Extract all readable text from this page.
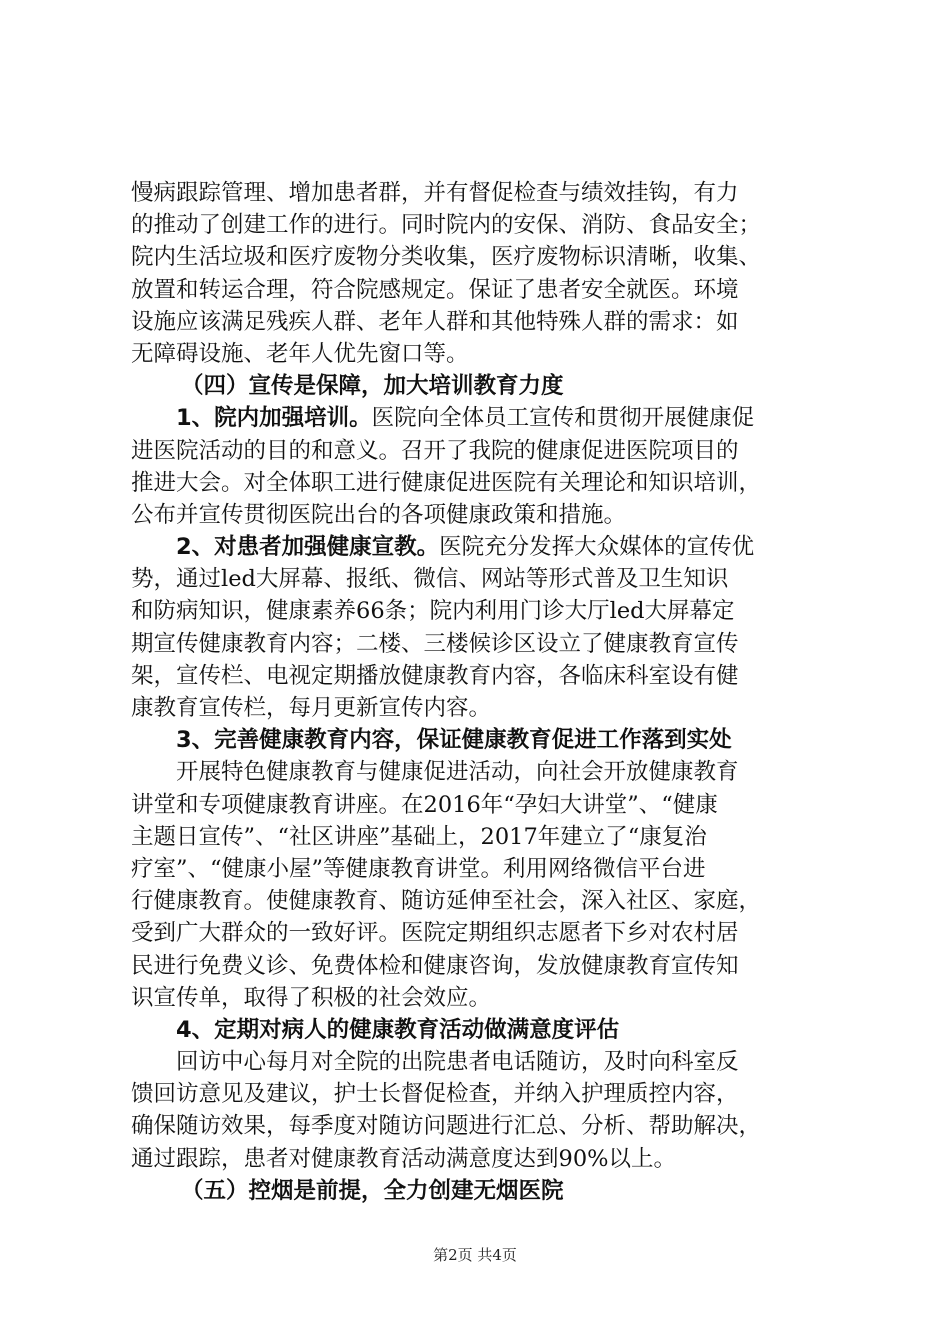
慢病跟踪管理、增加患者群，并有督促检查与绩效挂钩，有力
的推动了创建工作的进行。同时院内的安保、消防、食品安全；
院内生活垃圾和医疗废物分类收集，医疗废物标识清晰，收集、
放置和转运合理，符合院感规定。保证了患者安全就医。环境
设施应该满足残疾人群、老年人群和其他特殊人群的需求：如
无障碍设施、老年人优先窗口等。
（四）宣传是保障，加大培训教育力度
1、院内加强培训。医院向全体员工宣传和贯彻开展健康促
进医院活动的目的和意义。召开了我院的健康促进医院项目的
推进大会。对全体职工进行健康促进医院有关理论和知识培训，
公布并宣传贯彻医院出台的各项健康政策和措施。
2、对患者加强健康宣教。医院充分发挥大众媒体的宣传优
势，通过led大屏幕、报纸、微信、网站等形式普及卫生知识
和防病知识，健康素养66条；院内利用门诊大厅led大屏幕定
期宣传健康教育内容；二楼、三楼候诊区设立了健康教育宣传
架，宣传栏、电视定期播放健康教育内容，各临床科室设有健
康教育宣传栏，每月更新宣传内容。
3、完善健康教育内容，保证健康教育促进工作落到实处
开展特色健康教育与健康促进活动，向社会开放健康教育
讲堂和专项健康教育讲座。在2016年“孕妇大讲堂”、“健康
主题日宣传”、“社区讲座”基础上，2017年建立了“康复治
疗室”、“健康小屋”等健康教育讲堂。利用网络微信平台进
行健康教育。使健康教育、随访延伸至社会，深入社区、家庭，
受到广大群众的一致好评。医院定期组织志愿者下乡对农村居
民进行免费义诊、免费体检和健康咨询，发放健康教育宣传知
识宣传单，取得了积极的社会效应。
4、定期对病人的健康教育活动做满意度评估
回访中心每月对全院的出院患者电话随访，及时向科室反
馈回访意见及建议，护士长督促检查，并纳入护理质控内容，
确保随访效果，每季度对随访问题进行汇总、分析、帮助解决，
通过跟踪，患者对健康教育活动满意度达到90%以上。
（五）控烟是前提，全力创建无烟医院
第2页 共4页
